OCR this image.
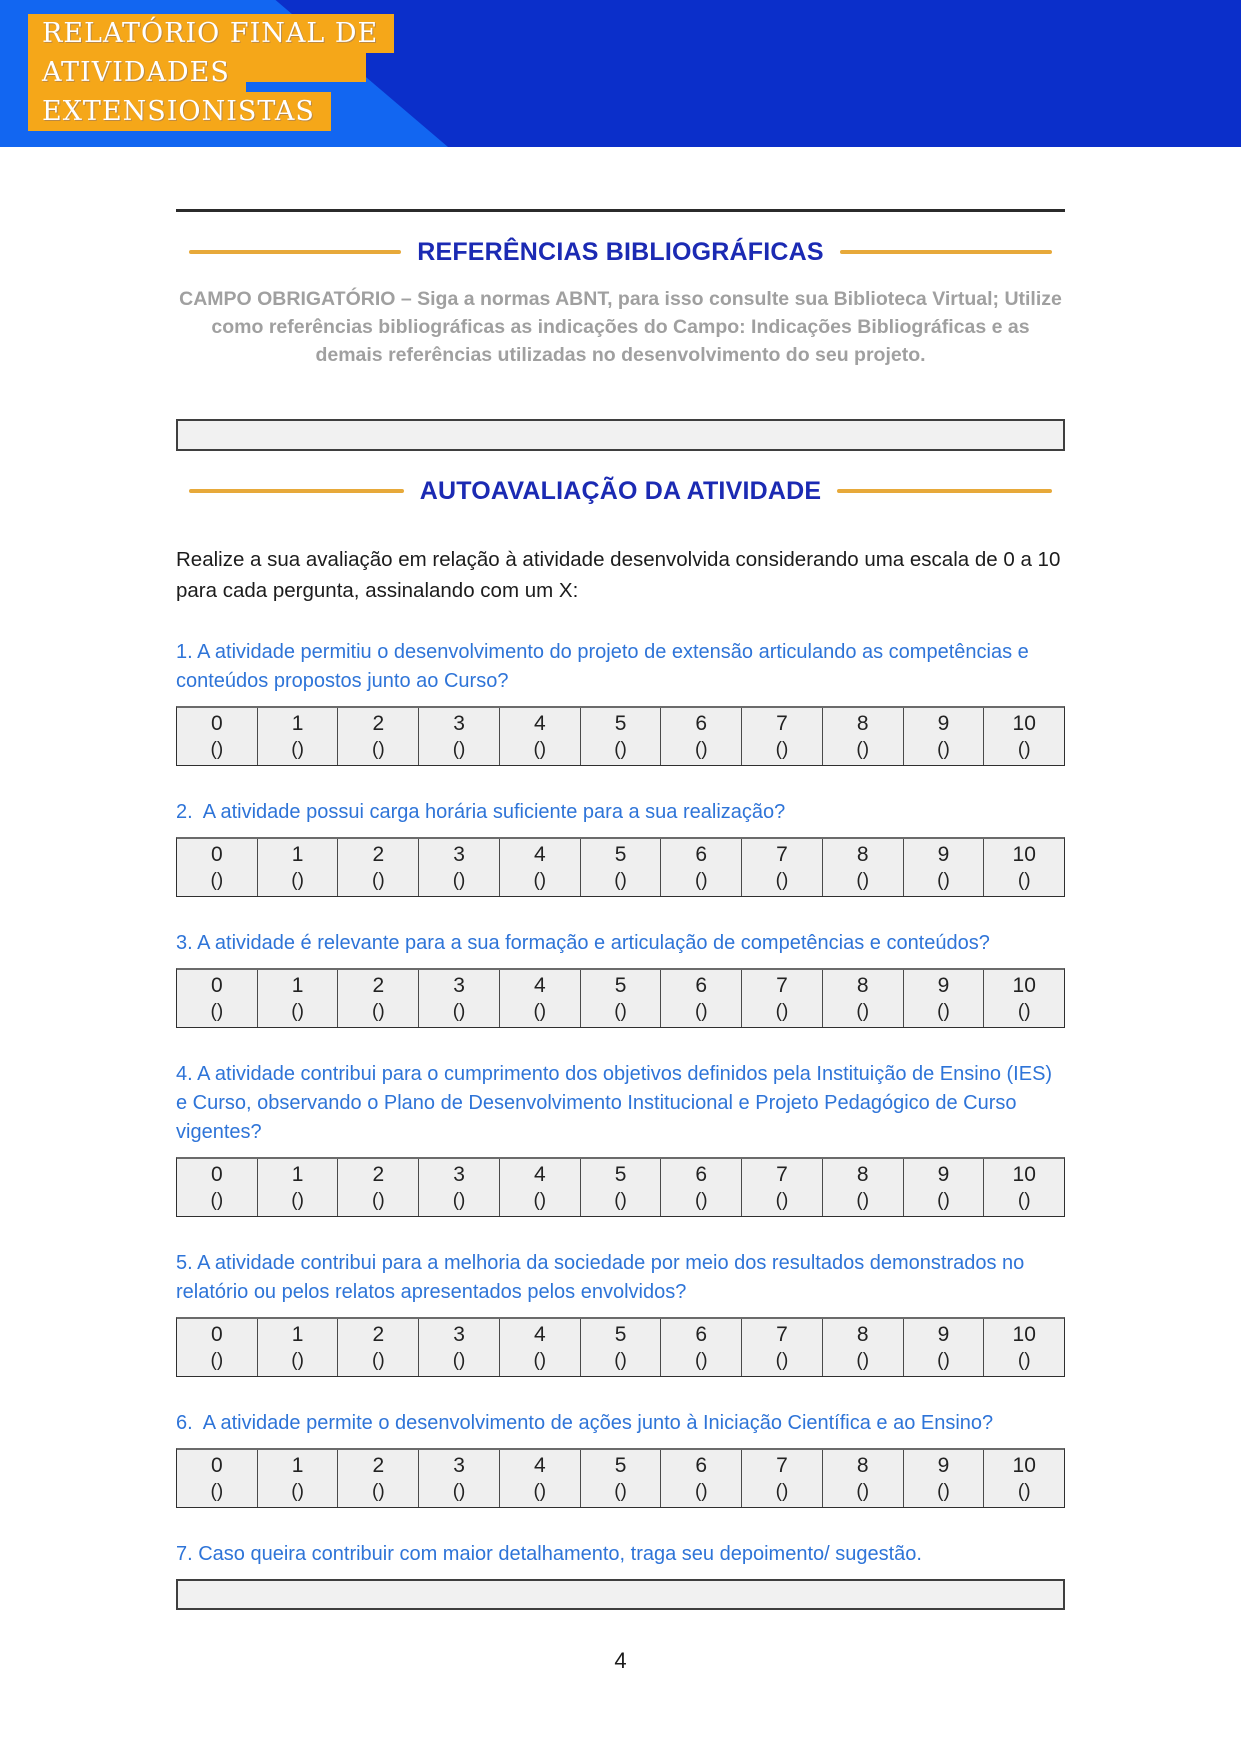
RELATÓRIO FINAL DE
ATIVIDADES
EXTENSIONISTAS
REFERÊNCIAS BIBLIOGRÁFICAS

CAMPO OBRIGATÓRIO – Siga a normas ABNT, para isso consulte sua Biblioteca Virtual; Utilize como referências bibliográficas as indicações do Campo: Indicações Bibliográficas e as demais referências utilizadas no desenvolvimento do seu projeto.

AUTOAVALIAÇÃO DA ATIVIDADE

Realize a sua avaliação em relação à atividade desenvolvida considerando uma escala de 0 a 10 para cada pergunta, assinalando com um X:

1. A atividade permitiu o desenvolvimento do projeto de extensão articulando as competências e conteúdos propostos junto ao Curso?

0
()
1
()
2
()
3
()
4
()
5
()
6
()
7
()
8
()
9
()
10
()

2.  A atividade possui carga horária suficiente para a sua realização?

0
()
1
()
2
()
3
()
4
()
5
()
6
()
7
()
8
()
9
()
10
()

3. A atividade é relevante para a sua formação e articulação de competências e conteúdos?

0
()
1
()
2
()
3
()
4
()
5
()
6
()
7
()
8
()
9
()
10
()

4. A atividade contribui para o cumprimento dos objetivos definidos pela Instituição de Ensino (IES) e Curso, observando o Plano de Desenvolvimento Institucional e Projeto Pedagógico de Curso vigentes?

0
()
1
()
2
()
3
()
4
()
5
()
6
()
7
()
8
()
9
()
10
()

5. A atividade contribui para a melhoria da sociedade por meio dos resultados demonstrados no relatório ou pelos relatos apresentados pelos envolvidos?

0
()
1
()
2
()
3
()
4
()
5
()
6
()
7
()
8
()
9
()
10
()

6.  A atividade permite o desenvolvimento de ações junto à Iniciação Científica e ao Ensino?

0
()
1
()
2
()
3
()
4
()
5
()
6
()
7
()
8
()
9
()
10
()

7. Caso queira contribuir com maior detalhamento, traga seu depoimento/ sugestão.

4
